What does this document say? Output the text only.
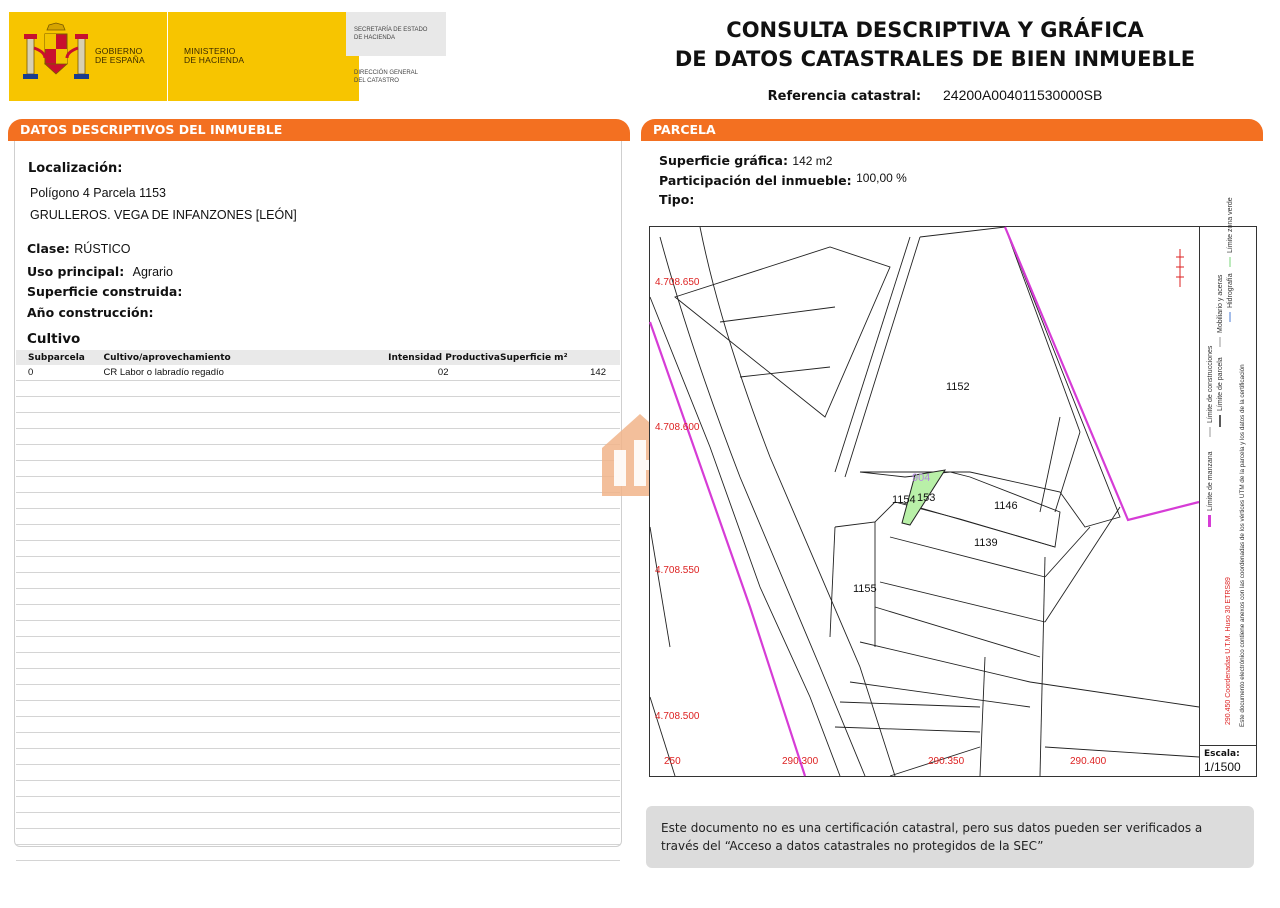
GOBIERNO
DE ESPAÑA
MINISTERIO
DE HACIENDA
SECRETARÍA DE ESTADO
DE HACIENDA
DIRECCIÓN GENERAL
DEL CATASTRO
CONSULTA DESCRIPTIVA Y GRÁFICA
DE DATOS CATASTRALES DE BIEN INMUEBLE
Referencia catastral: 24200A004011530000SB
DATOS DESCRIPTIVOS DEL INMUEBLE
Localización:
Polígono 4 Parcela 1153
GRULLEROS. VEGA DE INFANZONES [LEÓN]
Clase: RÚSTICO
Uso principal: Agrario
Superficie construida:
Año construcción:
Cultivo
Subparcela	Cultivo/aprovechamiento	Intensidad Productiva	Superficie m²
0	CR Labor o labradío regadío	02	142

PARCELA
Superficie gráfica: 142 m2
Participación del inmueble: 100,00 %
Tipo:
4.708.650
4.708.600
4.708.550
4.708.500
250	290.300	290.350	290.400
1152
1146
1139
1155
1154 153
904	Límite de manzana
Límite de construcciones Límite de parcela
Mobiliario y aceras Hidrografía
Límite zona verde
290.450 Coordenadas U.T.M. Huso 30 ETRS89 Este documento electrónico contiene anexos con las coordenadas de los vértices UTM de la parcela y los datos de la certificación
Escala:
1/1500
Este documento no es una certificación catastral, pero sus datos pueden ser verificados a través del “Acceso a datos catastrales no protegidos de la SEC”
